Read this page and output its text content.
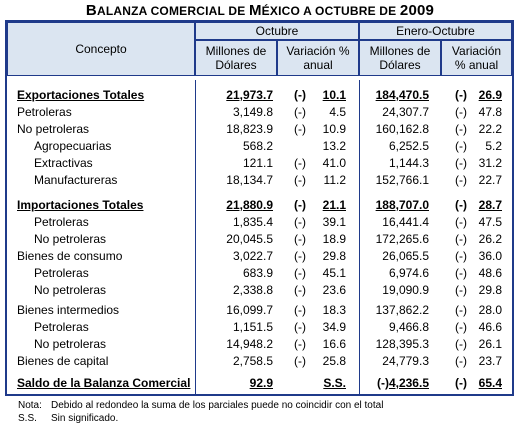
BALANZA COMERCIAL DE MÉXICO A OCTUBRE DE 2009
Concepto
Octubre	Enero-Octubre
Millones de Dólares
Variación % anual
Millones de Dólares
Variación % anual
Exportaciones Totales	21,973.7 (-) 10.1 184,470.5 (-) 26.9
Petroleras	3,149.8 (-) 4.5	24,307.7 (-) 47.8
No petroleras	18,823.9 (-) 10.9 160,162.8 (-) 22.2
Agropecuarias	568.2	13.2	6,252.5 (-) 5.2
Extractivas	121.1 (-) 41.0	1,144.3 (-) 31.2
Manufactureras	18,134.7 (-) 11.2 152,766.1 (-) 22.7
Importaciones Totales	21,880.9 (-) 21.1 188,707.0 (-) 28.7
Petroleras	1,835.4 (-) 39.1	16,441.4 (-) 47.5
No petroleras	20,045.5 (-) 18.9 172,265.6 (-) 26.2
Bienes de consumo	3,022.7 (-) 29.8	26,065.5 (-) 36.0
Petroleras	683.9 (-) 45.1	6,974.6 (-) 48.6
No petroleras	2,338.8 (-) 23.6	19,090.9 (-) 29.8
Bienes intermedios	16,099.7 (-) 18.3 137,862.2 (-) 28.0
Petroleras	1,151.5 (-) 34.9	9,466.8 (-) 46.6
No petroleras	14,948.2 (-) 16.6 128,395.3 (-) 26.1
Bienes de capital	2,758.5 (-) 25.8	24,779.3 (-) 23.7
Saldo de la Balanza Comercial	92.9	S.S.	(-) 4,236.5 (-) 65.4
Nota: Debido al redondeo la suma de los parciales puede no coincidir con el total
S.S. Sin significado.
